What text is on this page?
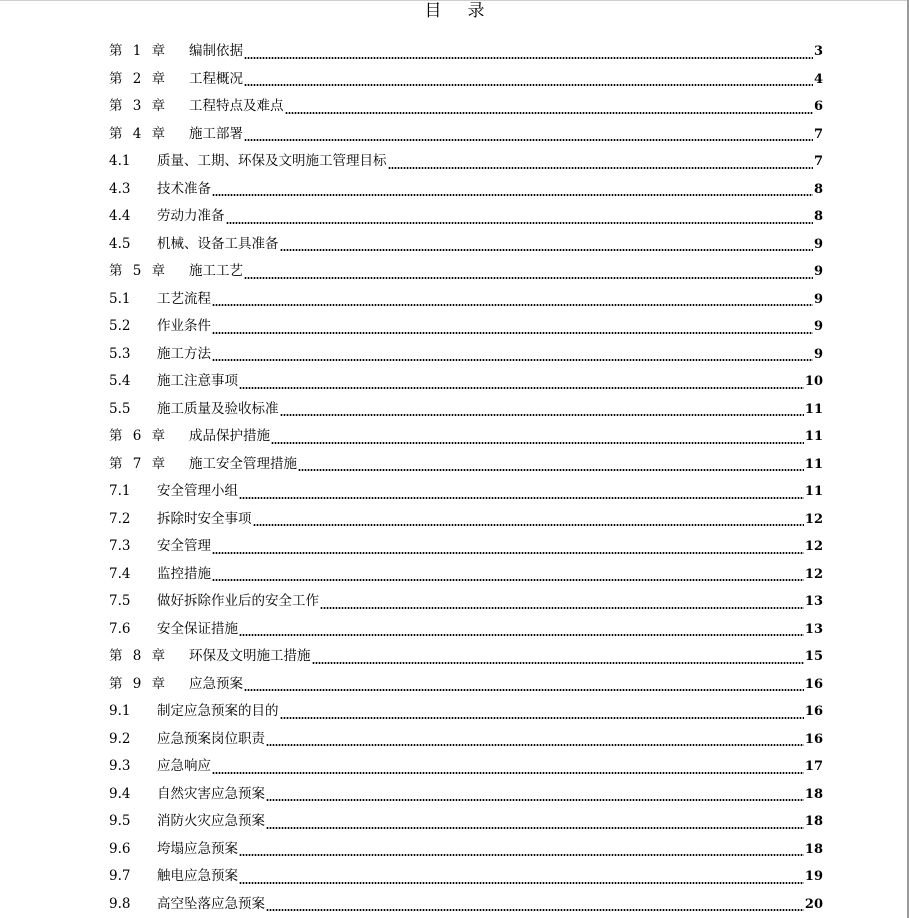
目录
第 1 章	编制依据	3
第 2 章	工程概况	4
第 3 章	工程特点及难点	6
第 4 章	施工部署	7
4.1	质量、工期、环保及文明施工管理目标	7
4.3	技术准备	8
4.4	劳动力准备	8
4.5	机械、设备工具准备	9
第 5 章	施工工艺	9
5.1	工艺流程	9
5.2	作业条件	9
5.3	施工方法	9
5.4	施工注意事项	10
5.5	施工质量及验收标准	11
第 6 章	成品保护措施	11
第 7 章	施工安全管理措施	11
7.1	安全管理小组	11
7.2	拆除时安全事项	12
7.3	安全管理	12
7.4	监控措施	12
7.5	做好拆除作业后的安全工作	13
7.6	安全保证措施	13
第 8 章	环保及文明施工措施	15
第 9 章	应急预案	16
9.1	制定应急预案的目的	16
9.2	应急预案岗位职责	16
9.3	应急响应	17
9.4	自然灾害应急预案	18
9.5	消防火灾应急预案	18
9.6	垮塌应急预案	18
9.7	触电应急预案	19
9.8	高空坠落应急预案	20
